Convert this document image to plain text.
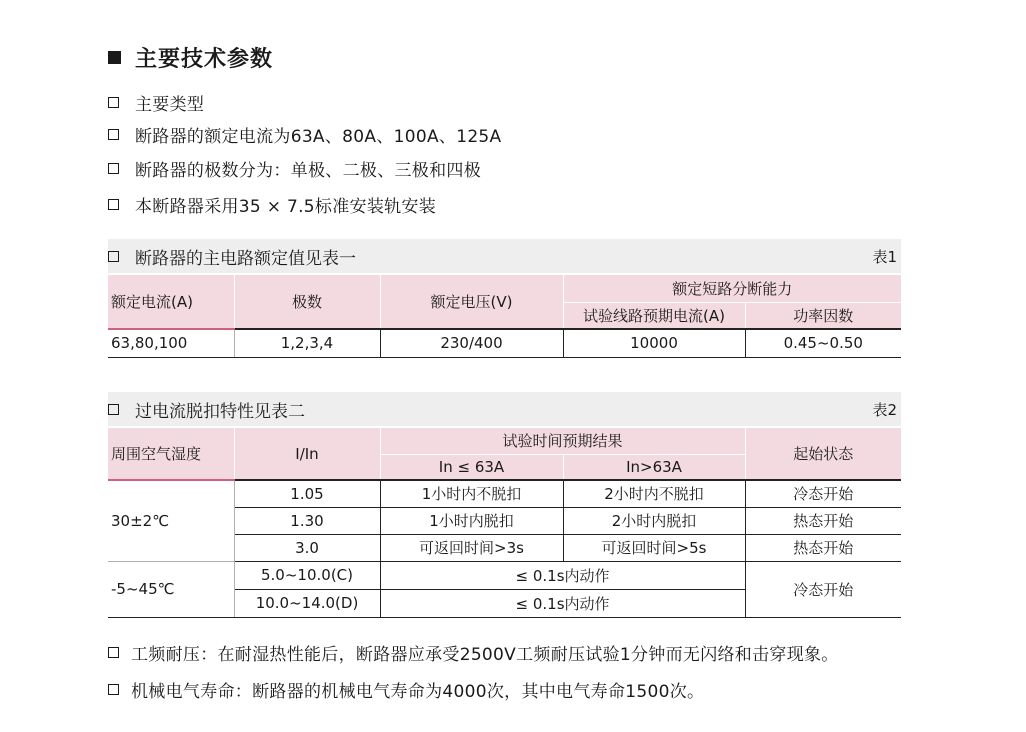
主要技术参数
主要类型
断路器的额定电流为63A、80A、100A、125A
断路器的极数分为：单极、二极、三极和四极
本断路器采用35 × 7.5标准安装轨安装
断路器的主电路额定值见表一	表1
额定电流(A)	极数	额定电压(V)	额定短路分断能力	
			试验线路预期电流(A)	功率因数
63,80,100	1,2,3,4	230/400	10000	0.45~0.50
过电流脱扣特性见表二	表2
周围空气湿度	I/In	试验时间预期结果		起始状态
		In ≤ 63A	In>63A	
30±2℃	1.05	1小时内不脱扣	2小时内不脱扣	冷态开始
	1.30	1小时内脱扣	2小时内脱扣	热态开始
	3.0	可返回时间>3s	可返回时间>5s	热态开始
-5~45℃	5.0~10.0(C)	≤ 0.1s内动作		冷态开始
	10.0~14.0(D)	≤ 0.1s内动作		
工频耐压：在耐湿热性能后，断路器应承受2500V工频耐压试验1分钟而无闪络和击穿现象。
机械电气寿命：断路器的机械电气寿命为4000次，其中电气寿命1500次。
